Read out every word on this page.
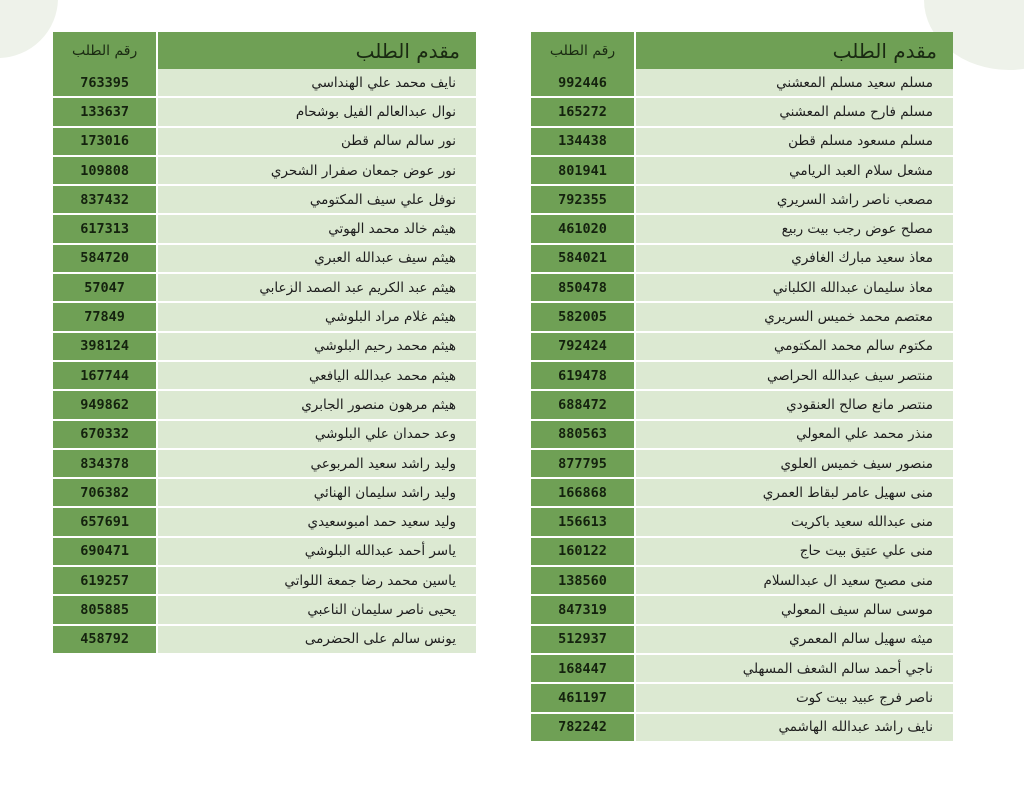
مقدم الطلب	رقم الطلب
مسلم سعيد مسلم المعشني	992446
مسلم فارح مسلم المعشني	165272
مسلم مسعود مسلم قطن	134438
مشعل سلام العبد الريامي	801941
مصعب ناصر راشد السريري	792355
مصلح عوض رجب بيت ربيع	461020
معاذ سعيد مبارك الغافري	584021
معاذ سليمان عبدالله الكلباني	850478
معتصم محمد خميس السريري	582005
مكتوم سالم محمد المكتومي	792424
منتصر سيف عبدالله الحراصي	619478
منتصر مانع صالح العنقودي	688472
منذر محمد علي المعولي	880563
منصور سيف خميس العلوي	877795
منى سهيل عامر لبقاط العمري	166868
منى عبدالله سعيد باكريت	156613
منى علي عتيق بيت حاج	160122
منى مصبح سعيد ال عبدالسلام	138560
موسى سالم سيف المعولي	847319
ميثه سهيل سالم المعمري	512937
ناجي أحمد سالم الشعف المسهلي	168447
ناصر فرج عبيد بيت كوت	461197
نايف راشد عبدالله الهاشمي	782242
مقدم الطلب	رقم الطلب
نايف محمد علي الهنداسي	763395
نوال عبدالعالم الفيل بوشحام	133637
نور سالم سالم قطن	173016
نور عوض جمعان صفرار الشحري	109808
نوفل علي سيف المكتومي	837432
هيثم خالد محمد الهوتي	617313
هيثم سيف عبدالله العبري	584720
هيثم عبد الكريم عبد الصمد الزعابي	57047
هيثم غلام مراد البلوشي	77849
هيثم محمد رحيم البلوشي	398124
هيثم محمد عبدالله اليافعي	167744
هيثم مرهون منصور الجابري	949862
وعد حمدان علي البلوشي	670332
وليد راشد سعيد المربوعي	834378
وليد راشد سليمان الهنائي	706382
وليد سعيد حمد امبوسعيدي	657691
ياسر أحمد عبدالله البلوشي	690471
ياسين محمد رضا جمعة اللواتي	619257
يحيى ناصر سليمان الناعبي	805885
يونس سالم على الحضرمى	458792
